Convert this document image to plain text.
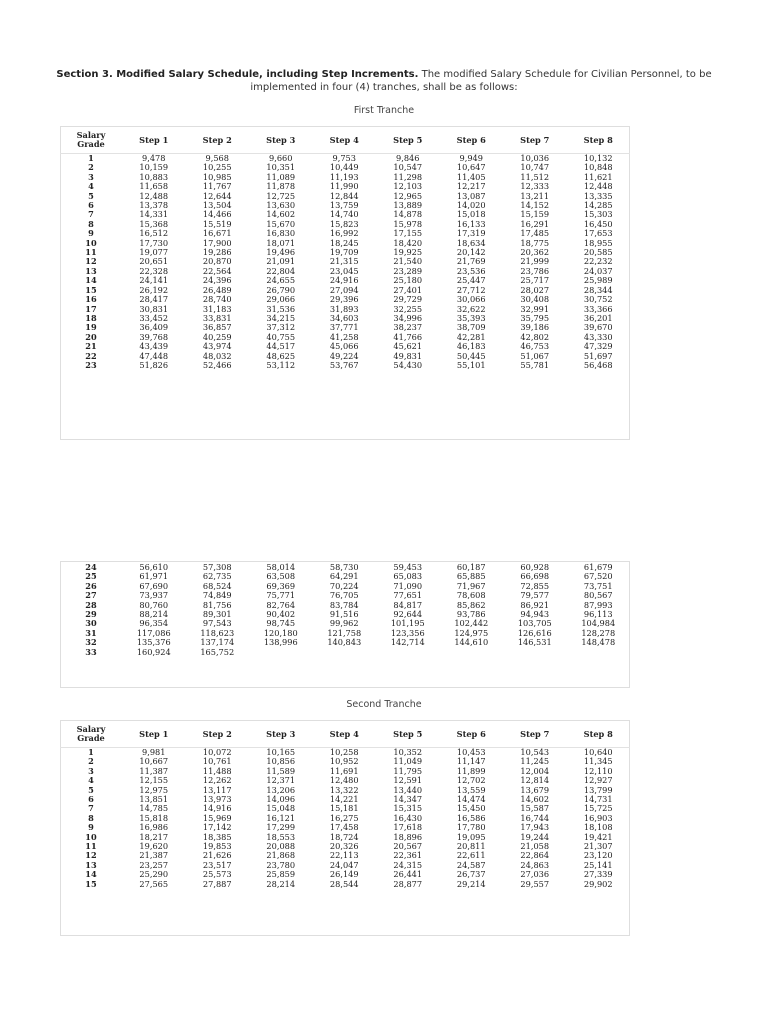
Section 3. Modified Salary Schedule, including Step Increments. The modified Salary Schedule for Civilian Personnel, to be implemented in four (4) tranches, shall be as follows:
First Tranche
Salary Grade	Step 1	Step 2	Step 3	Step 4	Step 5	Step 6	Step 7	Step 8
1	9,478	9,568	9,660	9,753	9,846	9,949	10,036	10,132
2	10,159	10,255	10,351	10,449	10,547	10,647	10,747	10,848
3	10,883	10,985	11,089	11,193	11,298	11,405	11,512	11,621
4	11,658	11,767	11,878	11,990	12,103	12,217	12,333	12,448
5	12,488	12,644	12,725	12,844	12,965	13,087	13,211	13,335
6	13,378	13,504	13,630	13,759	13,889	14,020	14,152	14,285
7	14,331	14,466	14,602	14,740	14,878	15,018	15,159	15,303
8	15,368	15,519	15,670	15,823	15,978	16,133	16,291	16,450
9	16,512	16,671	16,830	16,992	17,155	17,319	17,485	17,653
10	17,730	17,900	18,071	18,245	18,420	18,634	18,775	18,955
11	19,077	19,286	19,496	19,709	19,925	20,142	20,362	20,585
12	20,651	20,870	21,091	21,315	21,540	21,769	21,999	22,232
13	22,328	22,564	22,804	23,045	23,289	23,536	23,786	24,037
14	24,141	24,396	24,655	24,916	25,180	25,447	25,717	25,989
15	26,192	26,489	26,790	27,094	27,401	27,712	28,027	28,344
16	28,417	28,740	29,066	29,396	29,729	30,066	30,408	30,752
17	30,831	31,183	31,536	31,893	32,255	32,622	32,991	33,366
18	33,452	33,831	34,215	34,603	34,996	35,393	35,795	36,201
19	36,409	36,857	37,312	37,771	38,237	38,709	39,186	39,670
20	39,768	40,259	40,755	41,258	41,766	42,281	42,802	43,330
21	43,439	43,974	44,517	45,066	45,621	46,183	46,753	47,329
22	47,448	48,032	48,625	49,224	49,831	50,445	51,067	51,697
23	51,826	52,466	53,112	53,767	54,430	55,101	55,781	56,468
24	56,610	57,308	58,014	58,730	59,453	60,187	60,928	61,679
25	61,971	62,735	63,508	64,291	65,083	65,885	66,698	67,520
26	67,690	68,524	69,369	70,224	71,090	71,967	72,855	73,751
27	73,937	74,849	75,771	76,705	77,651	78,608	79,577	80,567
28	80,760	81,756	82,764	83,784	84,817	85,862	86,921	87,993
29	88,214	89,301	90,402	91,516	92,644	93,786	94,943	96,113
30	96,354	97,543	98,745	99,962	101,195	102,442	103,705	104,984
31	117,086	118,623	120,180	121,758	123,356	124,975	126,616	128,278
32	135,376	137,174	138,996	140,843	142,714	144,610	146,531	148,478
33	160,924	165,752						
Second Tranche
Salary Grade	Step 1	Step 2	Step 3	Step 4	Step 5	Step 6	Step 7	Step 8
1	9,981	10,072	10,165	10,258	10,352	10,453	10,543	10,640
2	10,667	10,761	10,856	10,952	11,049	11,147	11,245	11,345
3	11,387	11,488	11,589	11,691	11,795	11,899	12,004	12,110
4	12,155	12,262	12,371	12,480	12,591	12,702	12,814	12,927
5	12,975	13,117	13,206	13,322	13,440	13,559	13,679	13,799
6	13,851	13,973	14,096	14,221	14,347	14,474	14,602	14,731
7	14,785	14,916	15,048	15,181	15,315	15,450	15,587	15,725
8	15,818	15,969	16,121	16,275	16,430	16,586	16,744	16,903
9	16,986	17,142	17,299	17,458	17,618	17,780	17,943	18,108
10	18,217	18,385	18,553	18,724	18,896	19,095	19,244	19,421
11	19,620	19,853	20,088	20,326	20,567	20,811	21,058	21,307
12	21,387	21,626	21,868	22,113	22,361	22,611	22,864	23,120
13	23,257	23,517	23,780	24,047	24,315	24,587	24,863	25,141
14	25,290	25,573	25,859	26,149	26,441	26,737	27,036	27,339
15	27,565	27,887	28,214	28,544	28,877	29,214	29,557	29,902
